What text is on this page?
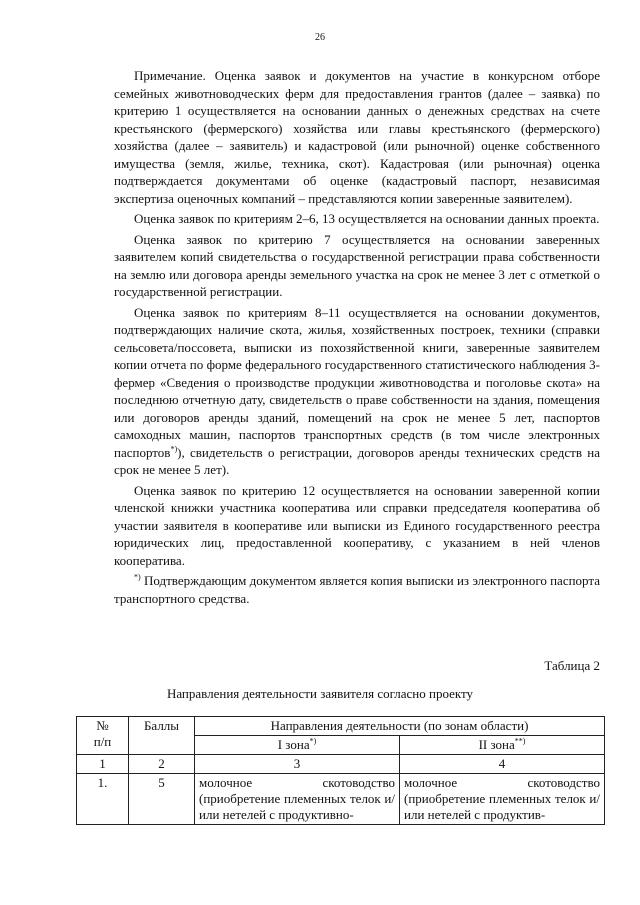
26

Примечание. Оценка заявок и документов на участие в конкурсном отборе семейных животноводческих ферм для предоставления грантов (далее – заявка) по критерию 1 осуществляется на основании данных о денежных средствах на счете крестьянского (фермерского) хозяйства или главы крестьянского (фермерского) хозяйства (далее – заявитель) и кадастровой (или рыночной) оценке собственного имущества (земля, жилье, техника, скот). Кадастровая (или рыночная) оценка подтверждается документами об оценке (кадастровый паспорт, независимая экспертиза оценочных компаний – представляются копии заверенные заявителем).

Оценка заявок по критериям 2–6, 13 осуществляется на основании данных проекта.

Оценка заявок по критерию 7 осуществляется на основании заверенных заявителем копий свидетельства о государственной регистрации права собственности на землю или договора аренды земельного участка на срок не менее 3 лет с отметкой о государственной регистрации.

Оценка заявок по критериям 8–11 осуществляется на основании документов, подтверждающих наличие скота, жилья, хозяйственных построек, техники (справки сельсовета/поссовета, выписки из похозяйственной книги, заверенные заявителем копии отчета по форме федерального государственного статистического наблюдения 3-фермер «Сведения о производстве продукции животноводства и поголовье скота» на последнюю отчетную дату, свидетельств о праве собственности на здания, помещения или договоров аренды зданий, помещений на срок не менее 5 лет, паспортов самоходных машин, паспортов транспортных средств (в том числе электронных паспортов*)), свидетельств о регистрации, договоров аренды технических средств на срок не менее 5 лет).

Оценка заявок по критерию 12 осуществляется на основании заверенной копии членской книжки участника кооператива или справки председателя кооператива об участии заявителя в кооперативе или выписки из Единого государственного реестра юридических лиц, предоставленной кооперативу, с указанием в ней членов кооператива.

*) Подтверждающим документом является копия выписки из электронного паспорта транспортного средства.

Таблица 2
Направления деятельности заявителя согласно проекту
№
п/п	Баллы	Направления деятельности (по зонам области)	
		I зона*)	II зона**)
1	2	3	4
1.	5	молочное скотоводство (приобретение племенных телок и/или нетелей с продуктивно-	молочное скотоводство (приобретение племенных телок и/или нетелей с продуктив-
